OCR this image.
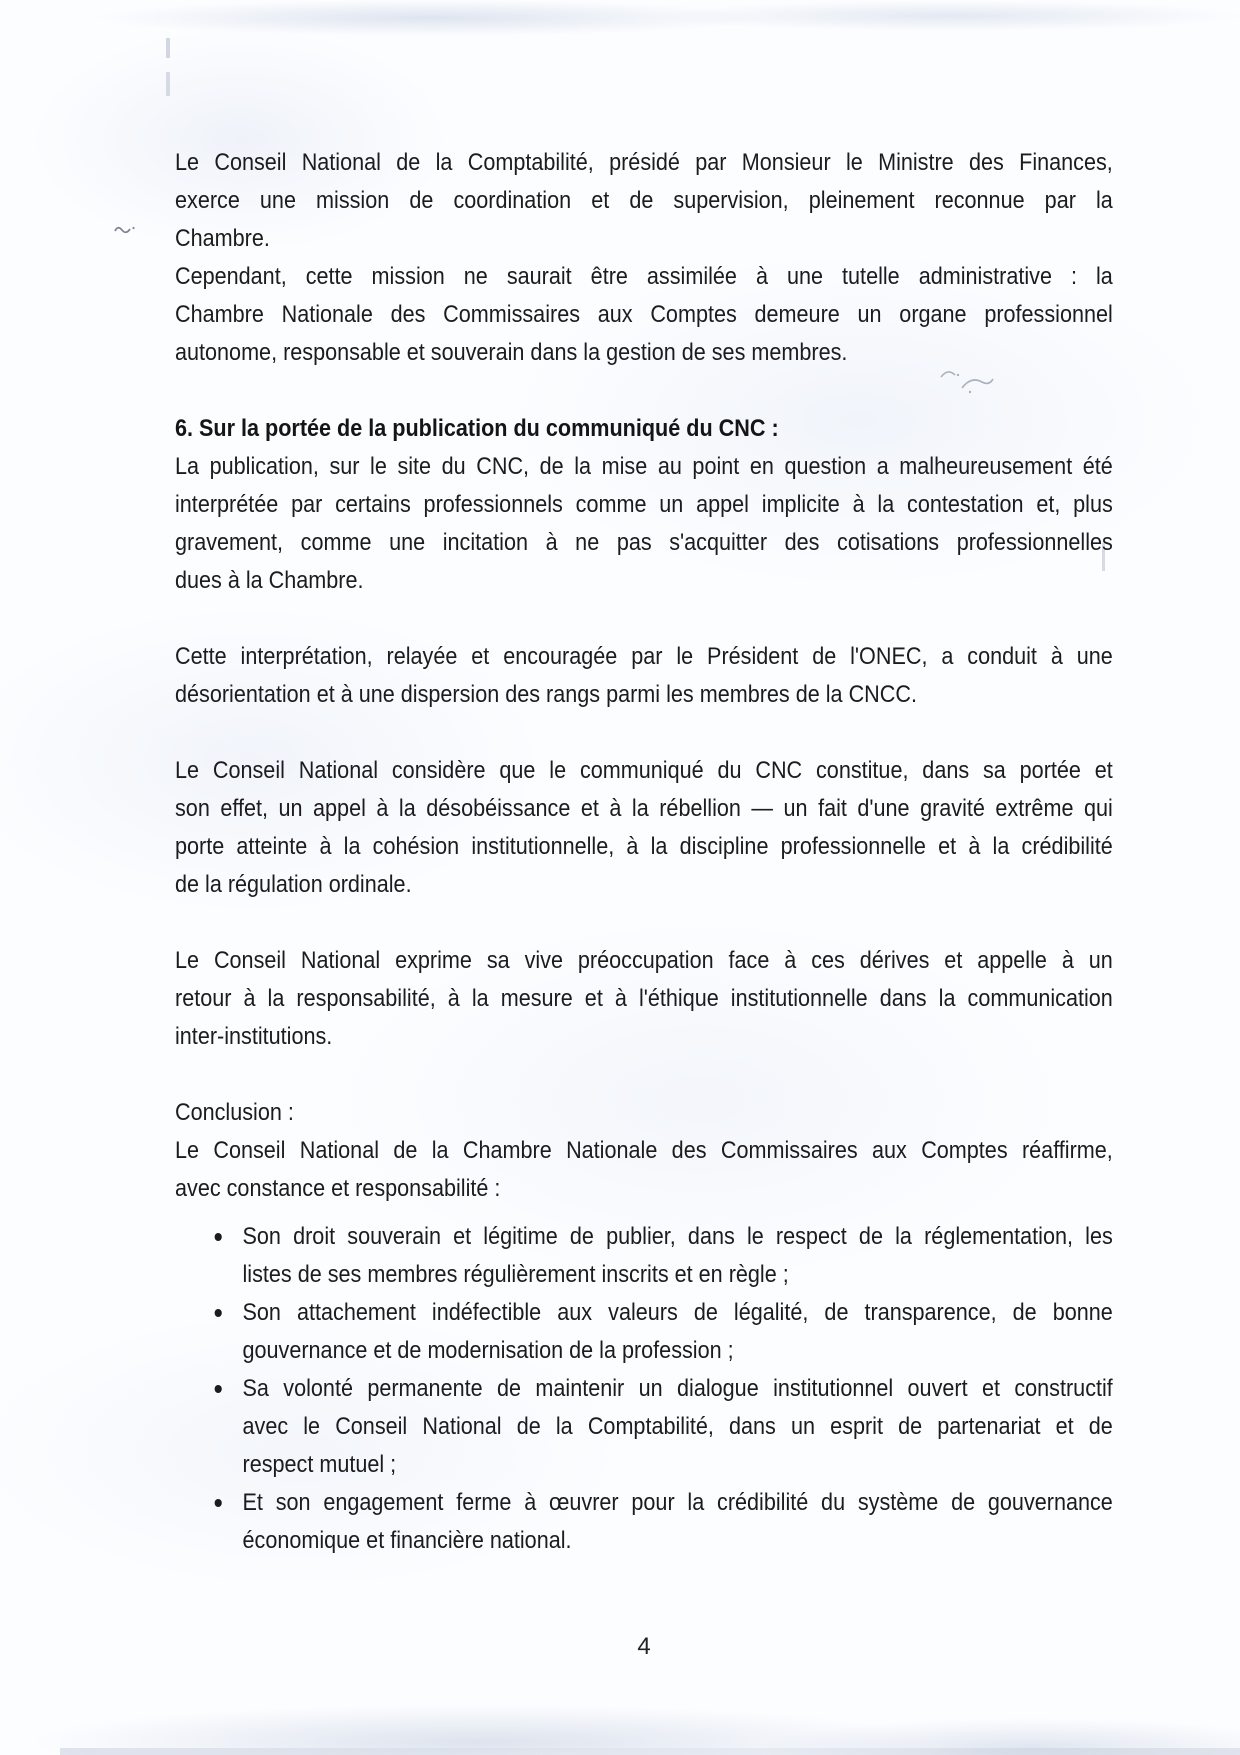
Le Conseil National de la Comptabilité, présidé par Monsieur le Ministre des Finances,
exerce une mission de coordination et de supervision, pleinement reconnue par la
Chambre.
Cependant, cette mission ne saurait être assimilée à une tutelle administrative : la
Chambre Nationale des Commissaires aux Comptes demeure un organe professionnel
autonome, responsable et souverain dans la gestion de ses membres.
6. Sur la portée de la publication du communiqué du CNC :
La publication, sur le site du CNC, de la mise au point en question a malheureusement été
interprétée par certains professionnels comme un appel implicite à la contestation et, plus
gravement, comme une incitation à ne pas s'acquitter des cotisations professionnelles
dues à la Chambre.
Cette interprétation, relayée et encouragée par le Président de l'ONEC, a conduit à une
désorientation et à une dispersion des rangs parmi les membres de la CNCC.
Le Conseil National considère que le communiqué du CNC constitue, dans sa portée et
son effet, un appel à la désobéissance et à la rébellion — un fait d'une gravité extrême qui
porte atteinte à la cohésion institutionnelle, à la discipline professionnelle et à la crédibilité
de la régulation ordinale.
Le Conseil National exprime sa vive préoccupation face à ces dérives et appelle à un
retour à la responsabilité, à la mesure et à l'éthique institutionnelle dans la communication
inter-institutions.
Conclusion :
Le Conseil National de la Chambre Nationale des Commissaires aux Comptes réaffirme,
avec constance et responsabilité :
Son droit souverain et légitime de publier, dans le respect de la réglementation, les
listes de ses membres régulièrement inscrits et en règle ;
Son attachement indéfectible aux valeurs de légalité, de transparence, de bonne
gouvernance et de modernisation de la profession ;
Sa volonté permanente de maintenir un dialogue institutionnel ouvert et constructif
avec le Conseil National de la Comptabilité, dans un esprit de partenariat et de
respect mutuel ;
Et son engagement ferme à œuvrer pour la crédibilité du système de gouvernance
économique et financière national.
4
